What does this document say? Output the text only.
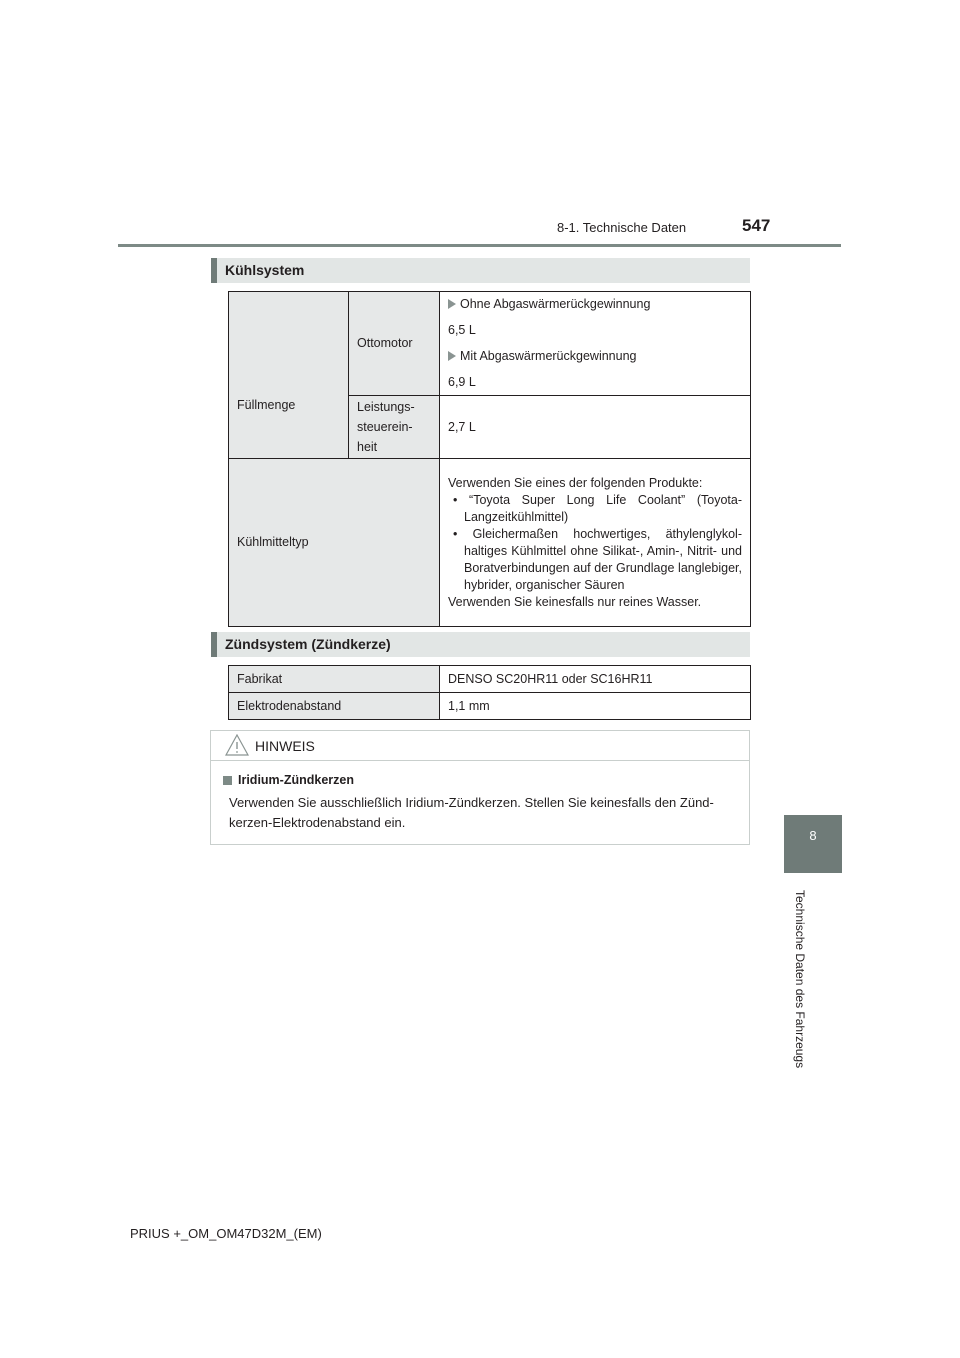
8-1. Technische Daten	547
8
Technische Daten des Fahrzeugs
Kühlsystem
Füllmenge	Ottomotor	Ohne Abgaswärmerückgewinnung

6,5 L

Mit Abgaswärmerückgewinnung

6,9 L

	Leistungs-
steuerein-
heit	2,7 L
Kühlmitteltyp		Verwenden Sie eines der folgenden Produkte:

• “Toyota Super Long Life Coolant” (Toyota-Langzeitkühlmittel)

• Gleichermaßen hochwertiges, äthylenglykol-haltiges Kühlmittel ohne Silikat-, Amin-, Nitrit- und Boratverbindungen auf der Grundlage langlebiger, hybrider, organischer Säuren

Verwenden Sie keinesfalls nur reines Wasser.

Zündsystem (Zündkerze)
Fabrikat	DENSO SC20HR11 oder SC16HR11
Elektrodenabstand	1,1 mm
HINWEIS
Iridium-Zündkerzen
Verwenden Sie ausschließlich Iridium-Zündkerzen. Stellen Sie keinesfalls den Zünd-kerzen-Elektrodenabstand ein.
PRIUS +_OM_OM47D32M_(EM)
